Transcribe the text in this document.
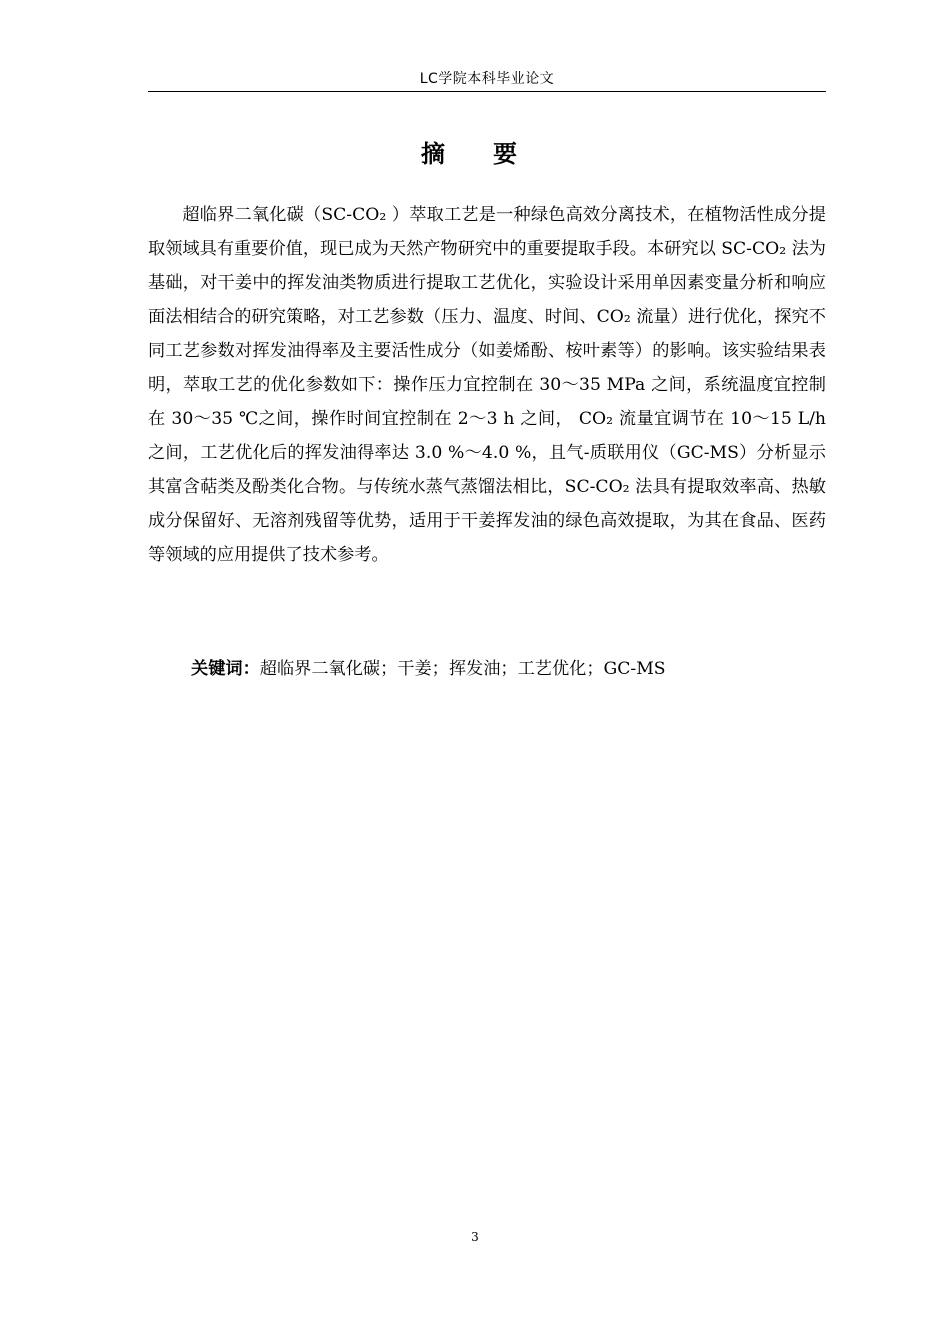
LC学院本科毕业论文
摘　要

超临界二氧化碳（SC-CO₂ ）萃取工艺是一种绿色高效分离技术，在植物活性成分提取领域具有重要价值，现已成为天然产物研究中的重要提取手段。本研究以 SC-CO₂ 法为基础，对干姜中的挥发油类物质进行提取工艺优化，实验设计采用单因素变量分析和响应面法相结合的研究策略，对工艺参数（压力、温度、时间、CO₂ 流量）进行优化，探究不同工艺参数对挥发油得率及主要活性成分（如姜烯酚、桉叶素等）的影响。该实验结果表明，萃取工艺的优化参数如下：操作压力宜控制在 30～35 MPa 之间，系统温度宜控制在 30～35 ℃之间，操作时间宜控制在 2～3 h 之间， CO₂ 流量宜调节在 10～15 L/h 之间，工艺优化后的挥发油得率达 3.0 %～4.0 %，且气-质联用仪（GC-MS）分析显示其富含萜类及酚类化合物。与传统水蒸气蒸馏法相比，SC-CO₂ 法具有提取效率高、热敏成分保留好、无溶剂残留等优势，适用于干姜挥发油的绿色高效提取，为其在食品、医药等领域的应用提供了技术参考。

关键词：超临界二氧化碳；干姜；挥发油；工艺优化；GC-MS

3
